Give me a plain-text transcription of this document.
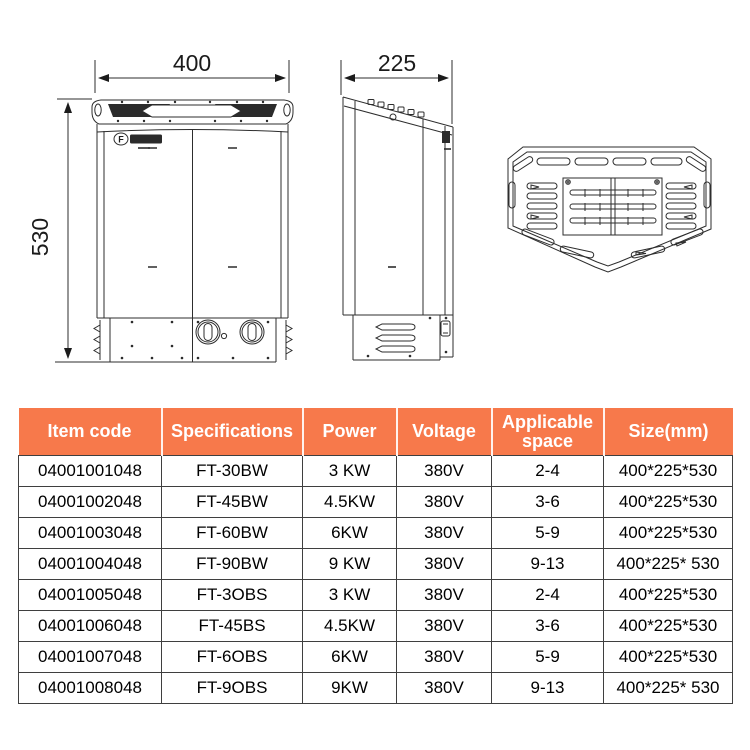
400
530
F
225
Item code	Specifications	Power	Voltage	Applicable space	Size(mm)
04001001048	FT-30BW	3 KW	380V	2-4	400*225*530
04001002048	FT-45BW	4.5KW	380V	3-6	400*225*530
04001003048	FT-60BW	6KW	380V	5-9	400*225*530
04001004048	FT-90BW	9 KW	380V	9-13	400*225* 530
04001005048	FT-3OBS	3 KW	380V	2-4	400*225*530
04001006048	FT-45BS	4.5KW	380V	3-6	400*225*530
04001007048	FT-6OBS	6KW	380V	5-9	400*225*530
04001008048	FT-9OBS	9KW	380V	9-13	400*225* 530
